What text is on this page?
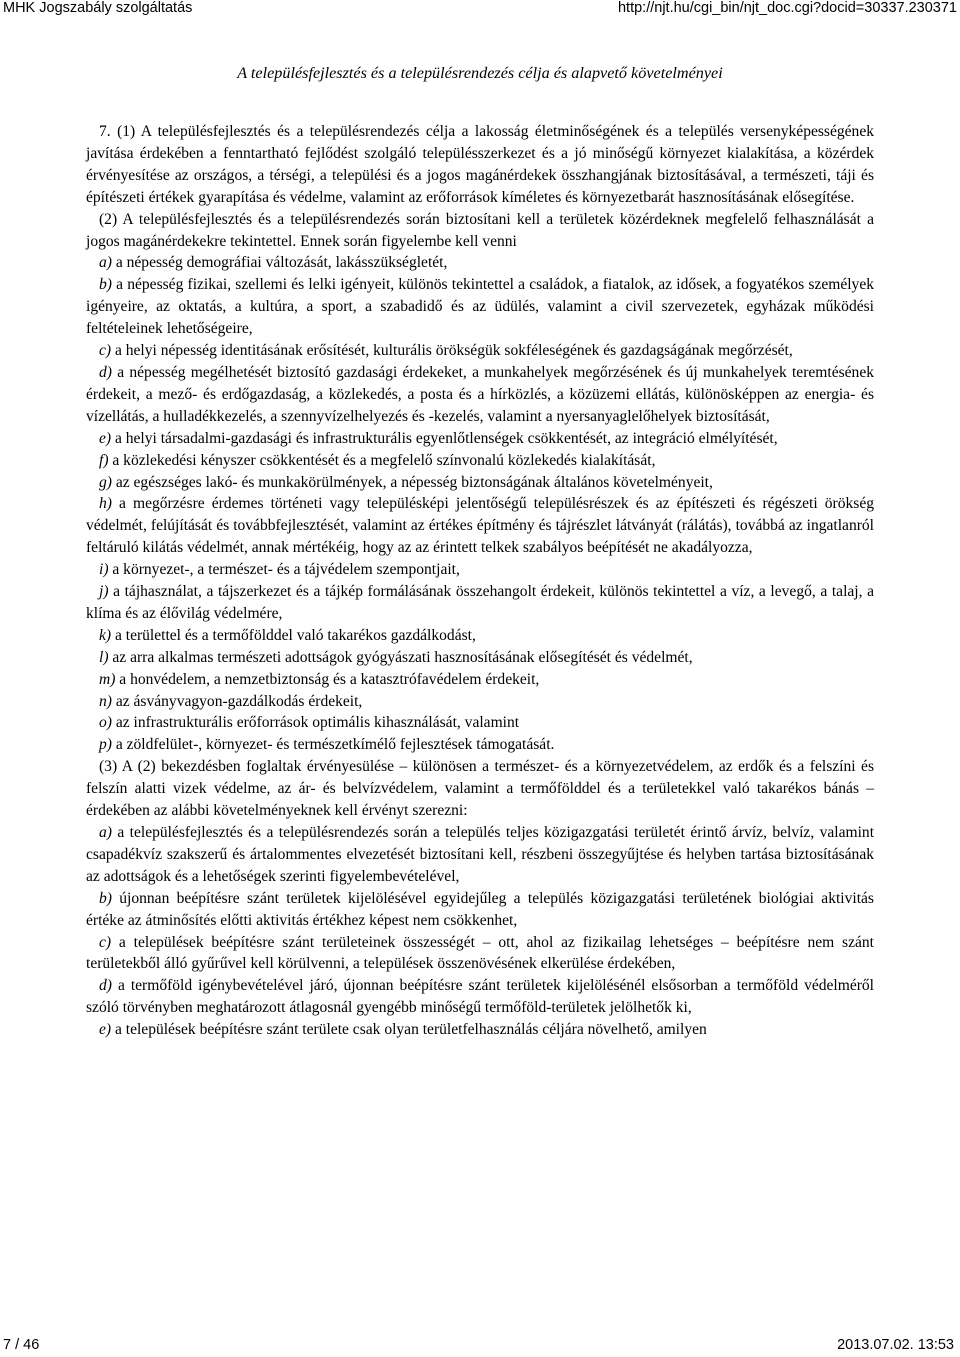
MHK Jogszabály szolgáltatás	http://njt.hu/cgi_bin/njt_doc.cgi?docid=30337.230371
A településfejlesztés és a településrendezés célja és alapvető követelményei

7. (1) A településfejlesztés és a településrendezés célja a lakosság életminőségének és a település versenyképességének javítása érdekében a fenntartható fejlődést szolgáló településszerkezet és a jó minőségű környezet kialakítása, a közérdek érvényesítése az országos, a térségi, a települési és a jogos magánérdekek összhangjának biztosításával, a természeti, táji és építészeti értékek gyarapítása és védelme, valamint az erőforrások kíméletes és környezetbarát hasznosításának elősegítése.

(2) A településfejlesztés és a településrendezés során biztosítani kell a területek közérdeknek megfelelő felhasználását a jogos magánérdekekre tekintettel. Ennek során figyelembe kell venni

a) a népesség demográfiai változását, lakásszükségletét,

b) a népesség fizikai, szellemi és lelki igényeit, különös tekintettel a családok, a fiatalok, az idősek, a fogyatékos személyek igényeire, az oktatás, a kultúra, a sport, a szabadidő és az üdülés, valamint a civil szervezetek, egyházak működési feltételeinek lehetőségeire,

c) a helyi népesség identitásának erősítését, kulturális örökségük sokféleségének és gazdagságának megőrzését,

d) a népesség megélhetését biztosító gazdasági érdekeket, a munkahelyek megőrzésének és új munkahelyek teremtésének érdekeit, a mező- és erdőgazdaság, a közlekedés, a posta és a hírközlés, a közüzemi ellátás, különösképpen az energia- és vízellátás, a hulladékkezelés, a szennyvízelhelyezés és -kezelés, valamint a nyersanyaglelőhelyek biztosítását,

e) a helyi társadalmi-gazdasági és infrastrukturális egyenlőtlenségek csökkentését, az integráció elmélyítését,

f) a közlekedési kényszer csökkentését és a megfelelő színvonalú közlekedés kialakítását,

g) az egészséges lakó- és munkakörülmények, a népesség biztonságának általános követelményeit,

h) a megőrzésre érdemes történeti vagy településképi jelentőségű településrészek és az építészeti és régészeti örökség védelmét, felújítását és továbbfejlesztését, valamint az értékes építmény és tájrészlet látványát (rálátás), továbbá az ingatlanról feltáruló kilátás védelmét, annak mértékéig, hogy az az érintett telkek szabályos beépítését ne akadályozza,

i) a környezet-, a természet- és a tájvédelem szempontjait,

j) a tájhasználat, a tájszerkezet és a tájkép formálásának összehangolt érdekeit, különös tekintettel a víz, a levegő, a talaj, a klíma és az élővilág védelmére,

k) a területtel és a termőfölddel való takarékos gazdálkodást,

l) az arra alkalmas természeti adottságok gyógyászati hasznosításának elősegítését és védelmét,

m) a honvédelem, a nemzetbiztonság és a katasztrófavédelem érdekeit,

n) az ásványvagyon-gazdálkodás érdekeit,

o) az infrastrukturális erőforrások optimális kihasználását, valamint

p) a zöldfelület-, környezet- és természetkímélő fejlesztések támogatását.

(3) A (2) bekezdésben foglaltak érvényesülése – különösen a természet- és a környezetvédelem, az erdők és a felszíni és felszín alatti vizek védelme, az ár- és belvízvédelem, valamint a termőfölddel és a területekkel való takarékos bánás – érdekében az alábbi követelményeknek kell érvényt szerezni:

a) a településfejlesztés és a településrendezés során a település teljes közigazgatási területét érintő árvíz, belvíz, valamint csapadékvíz szakszerű és ártalommentes elvezetését biztosítani kell, részbeni összegyűjtése és helyben tartása biztosításának az adottságok és a lehetőségek szerinti figyelembevételével,

b) újonnan beépítésre szánt területek kijelölésével egyidejűleg a település közigazgatási területének biológiai aktivitás értéke az átminősítés előtti aktivitás értékhez képest nem csökkenhet,

c) a települések beépítésre szánt területeinek összességét – ott, ahol az fizikailag lehetséges – beépítésre nem szánt területekből álló gyűrűvel kell körülvenni, a települések összenövésének elkerülése érdekében,

d) a termőföld igénybevételével járó, újonnan beépítésre szánt területek kijelölésénél elsősorban a termőföld védelméről szóló törvényben meghatározott átlagosnál gyengébb minőségű termőföld-területek jelölhetők ki,

e) a települések beépítésre szánt területe csak olyan területfelhasználás céljára növelhető, amilyen

7 / 46	2013.07.02. 13:53
